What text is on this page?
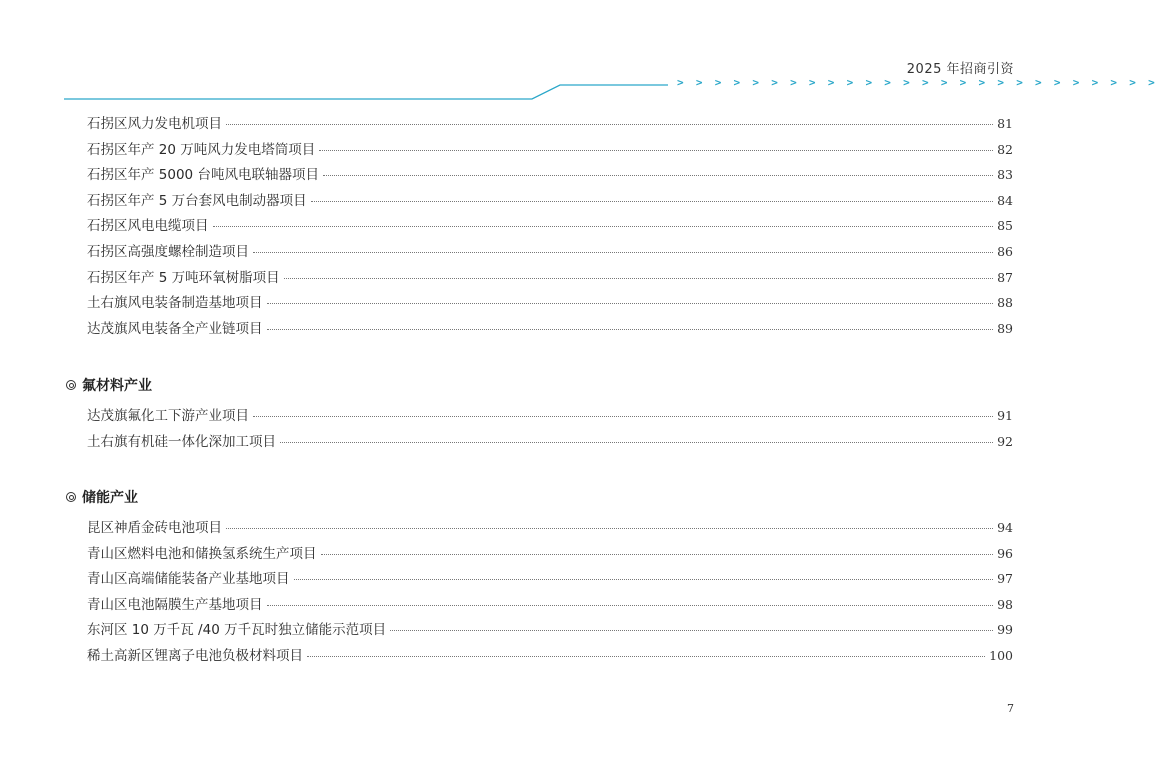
2025 年招商引资
> > > > > > > > > > > > > > > > > > > > > > > > > >
石拐区风力发电机项目	81
石拐区年产 20 万吨风力发电塔筒项目	82
石拐区年产 5000 台吨风电联轴器项目	83
石拐区年产 5 万台套风电制动器项目	84
石拐区风电电缆项目	85
石拐区高强度螺栓制造项目	86
石拐区年产 5 万吨环氧树脂项目	87
土右旗风电装备制造基地项目	88
达茂旗风电装备全产业链项目	89
氟材料产业
达茂旗氟化工下游产业项目	91
土右旗有机硅一体化深加工项目	92
储能产业
昆区神盾金砖电池项目	94
青山区燃料电池和储换氢系统生产项目	96
青山区高端储能装备产业基地项目	97
青山区电池隔膜生产基地项目	98
东河区 10 万千瓦 /40 万千瓦时独立储能示范项目	99
稀土高新区锂离子电池负极材料项目	100
7
